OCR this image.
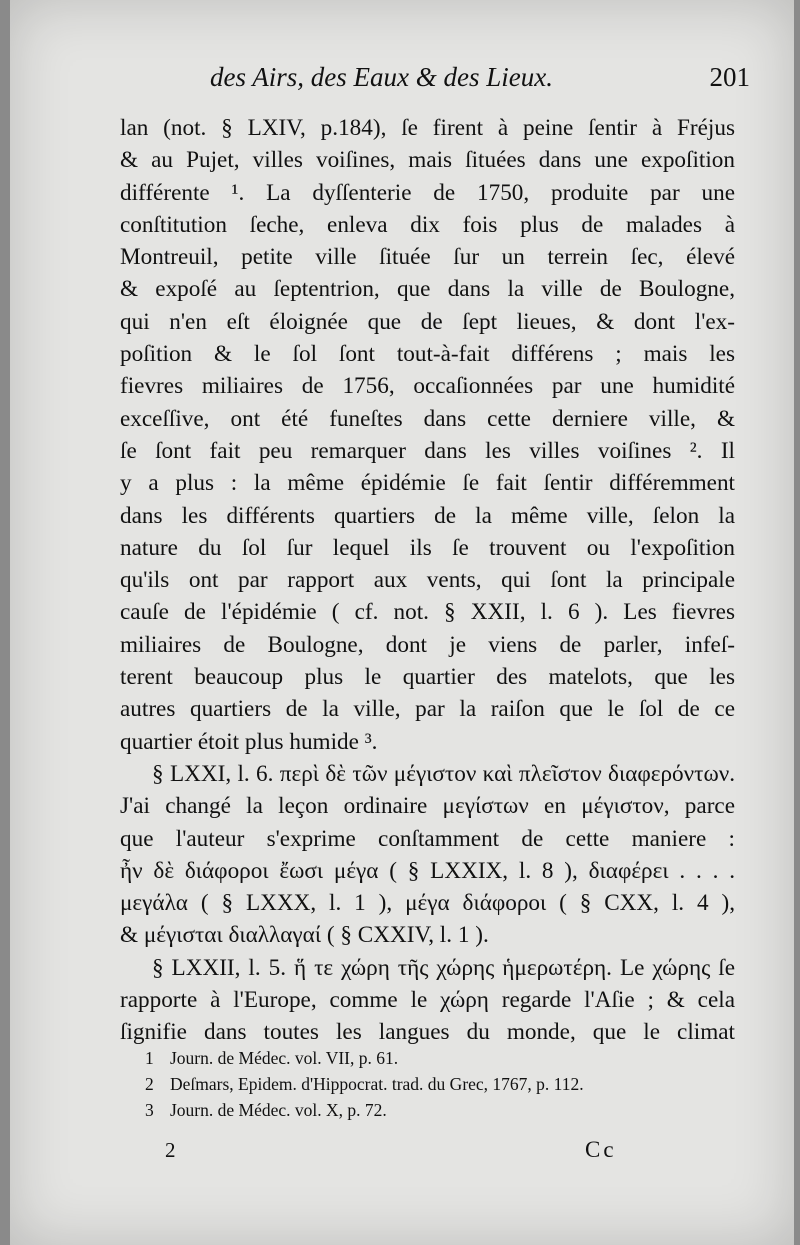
des Airs, des Eaux & des Lieux.	201
lan (not. § LXIV, p.184), ſe firent à peine ſentir à Fréjus
& au Pujet, villes voiſines, mais ſituées dans une expoſition
différente ¹. La dyſſenterie de 1750, produite par une
conſtitution ſeche, enleva dix fois plus de malades à
Montreuil, petite ville ſituée ſur un terrein ſec, élevé
& expoſé au ſeptentrion, que dans la ville de Boulogne,
qui n'en eſt éloignée que de ſept lieues, & dont l'ex-
poſition & le ſol ſont tout-à-fait différens ; mais les
fievres miliaires de 1756, occaſionnées par une humidité
exceſſive, ont été funeſtes dans cette derniere ville, &
ſe ſont fait peu remarquer dans les villes voiſines ². Il
y a plus : la même épidémie ſe fait ſentir différemment
dans les différents quartiers de la même ville, ſelon la
nature du ſol ſur lequel ils ſe trouvent ou l'expoſition
qu'ils ont par rapport aux vents, qui ſont la principale
cauſe de l'épidémie ( cf. not. § XXII, l. 6 ). Les fievres
miliaires de Boulogne, dont je viens de parler, infeſ-
terent beaucoup plus le quartier des matelots, que les
autres quartiers de la ville, par la raiſon que le ſol de ce
quartier étoit plus humide ³.
§ LXXI, l. 6. περὶ δὲ τῶν μέγιστον καὶ πλεῖστον διαφερόντων.
J'ai changé la leçon ordinaire μεγίστων en μέγιστον, parce
que l'auteur s'exprime conſtamment de cette maniere :
ἦν δὲ διάφοροι ἔωσι μέγα ( § LXXIX, l. 8 ), διαφέρει . . . .
μεγάλα ( § LXXX, l. 1 ), μέγα διάφοροι ( § CXX, l. 4 ),
& μέγισται διαλλαγαί ( § CXXIV, l. 1 ).
§ LXXII, l. 5. ἥ τε χώρη τῆς χώρης ἡμερωτέρη. Le χώρης ſe
rapporte à l'Europe, comme le χώρη regarde l'Aſie ; & cela
ſignifie dans toutes les langues du monde, que le climat
1 Journ. de Médec. vol. VII, p. 61.
2 Deſmars, Epidem. d'Hippocrat. trad. du Grec, 1767, p. 112.
3 Journ. de Médec. vol. X, p. 72.
2	Cc
